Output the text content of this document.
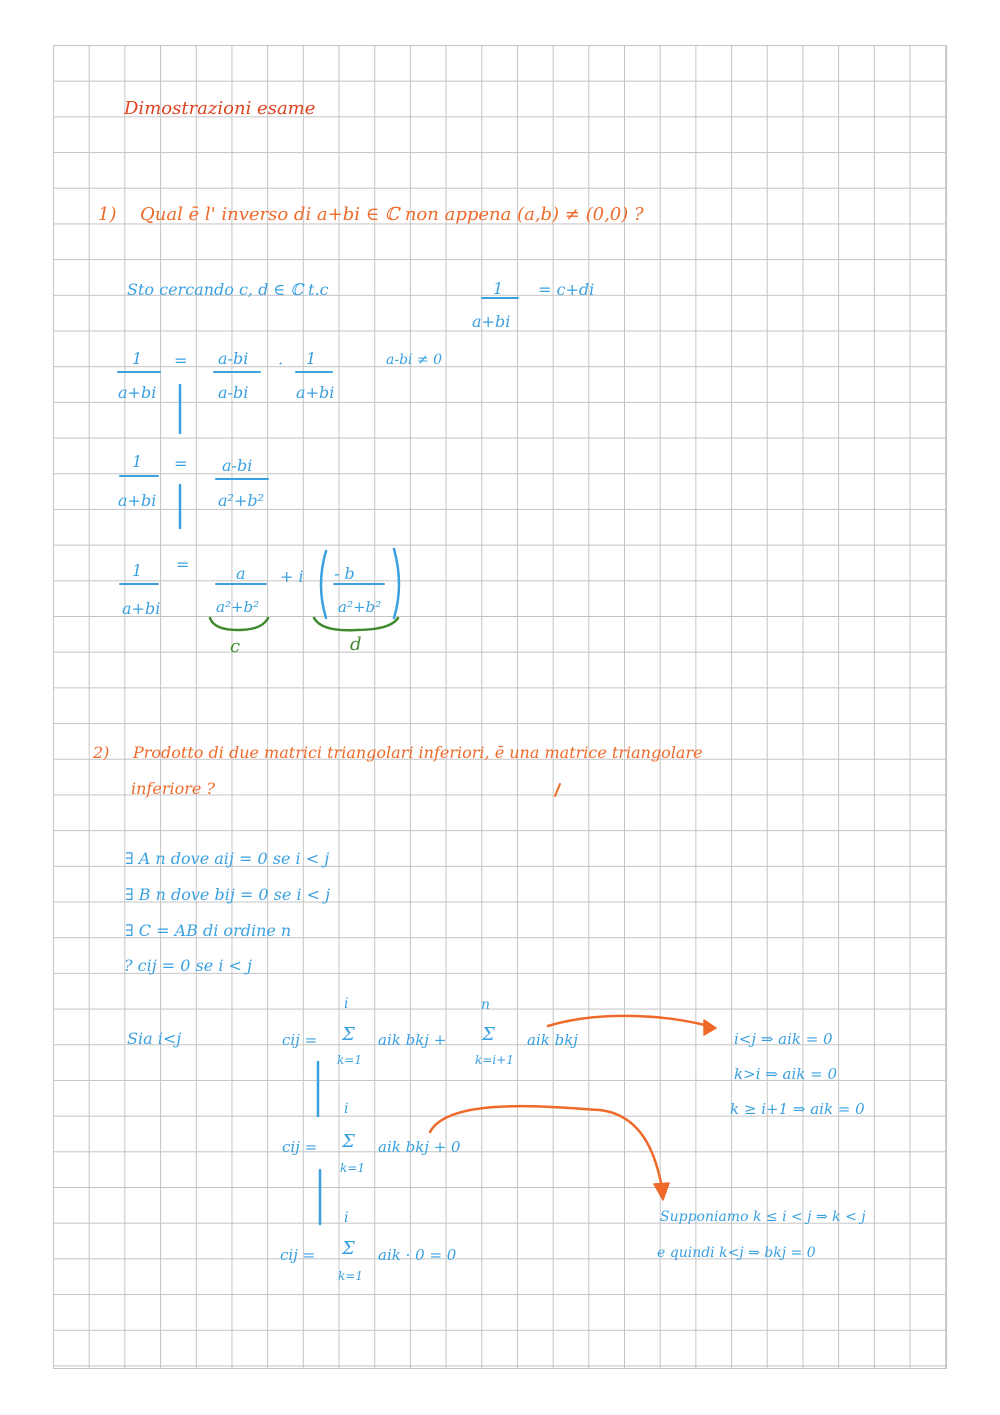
Dimostrazioni esame
1) Qual ē l' inverso di a+bi ∈ ℂ non appena (a,b) ≠ (0,0) ?
Sto cercando c, d ∈ ℂ t.c	1
a+bi
= c+di
1
a+bi
= a-bi
a-bi
· 1
a+bi
a-bi ≠ 0
1
a+bi
= a-bi
a²+b²
1
a+bi
=	a
a²+b²
+ i - b
a²+b²
c	d
2) Prodotto di due matrici triangolari inferiori, ē una matrice triangolare
inferiore ?
∃ A n dove aij = 0 se i < j
∃ B n dove bij = 0 se i < j
∃ C = AB di ordine n
? cij = 0 se i < j
Sia i<j	cij =
i
Σ
k=1
aik bkj +
n
Σ
k=i+1
aik bkj
cij =
i
Σ
k=1
aik bkj + 0
cij =
i
Σ
k=1
aik · 0 = 0
i<j ⇒ aik = 0
k>i ⇒ aik = 0
k ≥ i+1 ⇒ aik = 0
Supponiamo k ≤ i < j ⇒ k < j
e quindi k<j ⇒ bkj = 0
